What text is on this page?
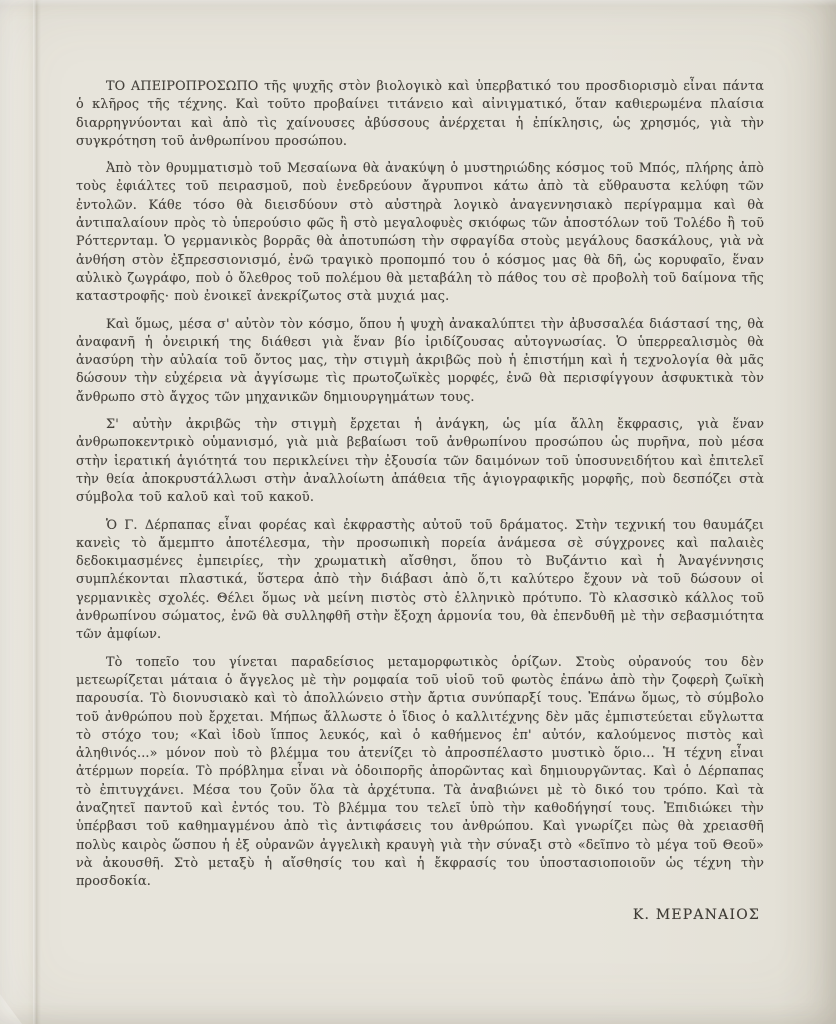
ΤΟ ΑΠΕΙΡΟΠΡΟΣΩΠΟ τῆς ψυχῆς στὸν βιολογικὸ καὶ ὑπερβατικό του προσδιορισμὸ εἶναι πάντα ὁ κλῆρος τῆς τέχνης. Καὶ τοῦτο προβαίνει τιτάνειο καὶ αἰνιγματικό, ὅταν καθιερωμένα πλαίσια διαρρηγνύονται καὶ ἀπὸ τὶς χαίνουσες ἀβύσσους ἀνέρχεται ἡ ἐπίκλησις, ὡς χρησμός, γιὰ τὴν συγκρότηση τοῦ ἀνθρωπίνου προσώπου.

Ἀπὸ τὸν θρυμματισμὸ τοῦ Μεσαίωνα θὰ ἀνακύψη ὁ μυστηριώδης κόσμος τοῦ Μπός, πλήρης ἀπὸ τοὺς ἐφιάλτες τοῦ πειρασμοῦ, ποὺ ἐνεδρεύουν ἄγρυπνοι κάτω ἀπὸ τὰ εὔθραυστα κελύφη τῶν ἐντολῶν. Κάθε τόσο θὰ διεισδύουν στὸ αὐστηρὰ λογικὸ ἀναγεννησιακὸ περίγραμμα καὶ θὰ ἀντιπαλαίουν πρὸς τὸ ὑπερούσιο φῶς ἢ στὸ μεγαλοφυὲς σκιόφως τῶν ἀποστόλων τοῦ Τολέδο ἢ τοῦ Ρόττερνταμ. Ὁ γερμανικὸς βορρᾶς θὰ ἀποτυπώση τὴν σφραγίδα στοὺς μεγάλους δασκάλους, γιὰ νὰ ἀνθήση στὸν ἐξπρεσσιονισμό, ἐνῶ τραγικὸ προπομπό του ὁ κόσμος μας θὰ δῆ, ὡς κορυφαῖο, ἕναν αὐλικὸ ζωγράφο, ποὺ ὁ ὄλεθρος τοῦ πολέμου θὰ μεταβάλη τὸ πάθος του σὲ προβολὴ τοῦ δαίμονα τῆς καταστροφῆς· ποὺ ἐνοικεῖ ἀνεκρίζωτος στὰ μυχιά μας.

Καὶ ὅμως, μέσα σ' αὐτὸν τὸν κόσμο, ὅπου ἡ ψυχὴ ἀνακαλύπτει τὴν ἀβυσσαλέα διάστασί της, θὰ ἀναφανῆ ἡ ὀνειρική της διάθεσι γιὰ ἕναν βίο ἰριδίζουσας αὐτογνωσίας. Ὁ ὑπερρεαλισμὸς θὰ ἀνασύρη τὴν αὐλαία τοῦ ὄντος μας, τὴν στιγμὴ ἀκριβῶς ποὺ ἡ ἐπιστήμη καὶ ἡ τεχνολογία θὰ μᾶς δώσουν τὴν εὐχέρεια νὰ ἀγγίσωμε τὶς πρωτοζωϊκὲς μορφές, ἐνῶ θὰ περισφίγγουν ἀσφυκτικὰ τὸν ἄνθρωπο στὸ ἄγχος τῶν μηχανικῶν δημιουργημάτων τους.

Σ' αὐτὴν ἀκριβῶς τὴν στιγμὴ ἔρχεται ἡ ἀνάγκη, ὡς μία ἄλλη ἔκφρασις, γιὰ ἕναν ἀνθρωποκεντρικὸ οὑμανισμό, γιὰ μιὰ βεβαίωσι τοῦ ἀνθρωπίνου προσώπου ὡς πυρῆνα, ποὺ μέσα στὴν ἱερατική ἁγιότητά του περικλείνει τὴν ἐξουσία τῶν δαιμόνων τοῦ ὑποσυνειδήτου καὶ ἐπιτελεῖ τὴν θεία ἀποκρυστάλλωσι στὴν ἀναλλοίωτη ἀπάθεια τῆς ἁγιογραφικῆς μορφῆς, ποὺ δεσπόζει στὰ σύμβολα τοῦ καλοῦ καὶ τοῦ κακοῦ.

Ὁ Γ. Δέρπαπας εἶναι φορέας καὶ ἐκφραστὴς αὐτοῦ τοῦ δράματος. Στὴν τεχνική του θαυμάζει κανεὶς τὸ ἄμεμπτο ἀποτέλεσμα, τὴν προσωπικὴ πορεία ἀνάμεσα σὲ σύγχρονες καὶ παλαιὲς δεδοκιμασμένες ἐμπειρίες, τὴν χρωματικὴ αἴσθησι, ὅπου τὸ Βυζάντιο καὶ ἡ Ἀναγέννησις συμπλέκονται πλαστικά, ὕστερα ἀπὸ τὴν διάβασι ἀπὸ ὅ,τι καλύτερο ἔχουν νὰ τοῦ δώσουν οἱ γερμανικὲς σχολές. Θέλει ὅμως νὰ μείνη πιστὸς στὸ ἑλληνικὸ πρότυπο. Τὸ κλασσικὸ κάλλος τοῦ ἀνθρωπίνου σώματος, ἐνῶ θὰ συλληφθῆ στὴν ἔξοχη ἁρμονία του, θὰ ἐπενδυθῆ μὲ τὴν σεβασμιότητα τῶν ἀμφίων.

Τὸ τοπεῖο του γίνεται παραδείσιος μεταμορφωτικὸς ὁρίζων. Στοὺς οὐρανούς του δὲν μετεωρίζεται μάταια ὁ ἄγγελος μὲ τὴν ρομφαία τοῦ υἱοῦ τοῦ φωτὸς ἐπάνω ἀπὸ τὴν ζοφερὴ ζωϊκὴ παρουσία. Τὸ διονυσιακὸ καὶ τὸ ἀπολλώνειο στὴν ἄρτια συνύπαρξί τους. Ἐπάνω ὅμως, τὸ σύμβολο τοῦ ἀνθρώπου ποὺ ἔρχεται. Μήπως ἄλλωστε ὁ ἴδιος ὁ καλλιτέχνης δὲν μᾶς ἐμπιστεύεται εὔγλωττα τὸ στόχο του; «Καὶ ἰδοὺ ἵππος λευκός, καὶ ὁ καθήμενος ἐπ' αὐτόν, καλούμενος πιστὸς καὶ ἀληθινός...» μόνον ποὺ τὸ βλέμμα του ἀτενίζει τὸ ἀπροσπέλαστο μυστικὸ ὅριο... Ἡ τέχνη εἶναι ἀτέρμων πορεία. Τὸ πρόβλημα εἶναι νὰ ὁδοιπορῆς ἀπορῶντας καὶ δημιουργῶντας. Καὶ ὁ Δέρπαπας τὸ ἐπιτυγχάνει. Μέσα του ζοῦν ὅλα τὰ ἀρχέτυπα. Τὰ ἀναβιώνει μὲ τὸ δικό του τρόπο. Καὶ τὰ ἀναζητεῖ παντοῦ καὶ ἐντός του. Τὸ βλέμμα του τελεῖ ὑπὸ τὴν καθοδήγησί τους. Ἐπιδιώκει τὴν ὑπέρβασι τοῦ καθημαγμένου ἀπὸ τὶς ἀντιφάσεις του ἀνθρώπου. Καὶ γνωρίζει πὼς θὰ χρειασθῆ πολὺς καιρὸς ὥσπου ἡ ἐξ οὐρανῶν ἀγγελικὴ κραυγὴ γιὰ τὴν σύναξι στὸ «δεῖπνο τὸ μέγα τοῦ Θεοῦ» νὰ ἀκουσθῆ. Στὸ μεταξὺ ἡ αἴσθησίς του καὶ ἡ ἔκφρασίς του ὑποστασιοποιοῦν ὡς τέχνη τὴν προσδοκία.

Κ. ΜΕΡΑΝΑΙΟΣ
